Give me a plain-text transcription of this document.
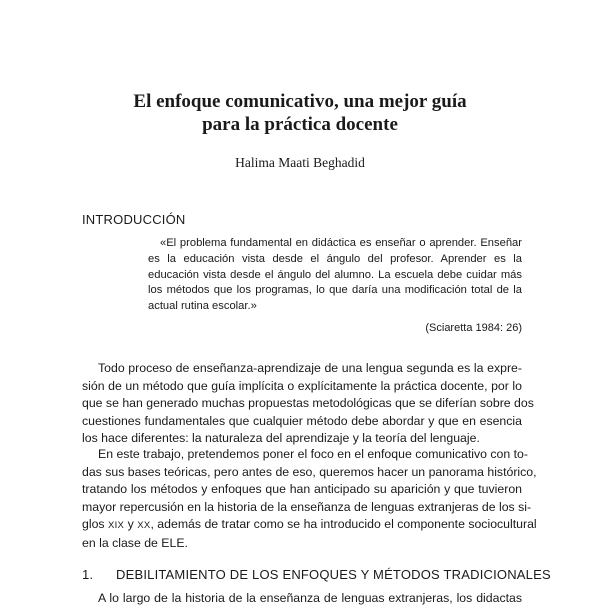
El enfoque comunicativo, una mejor guía
para la práctica docente
Halima Maati Beghadid
INTRODUCCIÓN
«El problema fundamental en didáctica es enseñar o aprender. Enseñar es la educación vista desde el ángulo del profesor. Aprender es la educación vista desde el ángulo del alumno. La escuela debe cuidar más los métodos que los programas, lo que daría una modificación total de la actual rutina escolar.»
(Sciaretta 1984: 26)
Todo proceso de enseñanza-aprendizaje de una lengua segunda es la expre-
sión de un método que guía implícita o explícitamente la práctica docente, por lo
que se han generado muchas propuestas metodológicas que se diferían sobre dos
cuestiones fundamentales que cualquier método debe abordar y que en esencia
los hace diferentes: la naturaleza del aprendizaje y la teoría del lenguaje.
En este trabajo, pretendemos poner el foco en el enfoque comunicativo con to-
das sus bases teóricas, pero antes de eso, queremos hacer un panorama histórico,
tratando los métodos y enfoques que han anticipado su aparición y que tuvieron
mayor repercusión en la historia de la enseñanza de lenguas extranjeras de los si-
glos XIX y XX, además de tratar como se ha introducido el componente sociocultural
en la clase de ELE.
1. DEBILITAMIENTO DE LOS ENFOQUES Y MÉTODOS TRADICIONALES
A lo largo de la historia de la enseñanza de lenguas extranjeras, los didactas
